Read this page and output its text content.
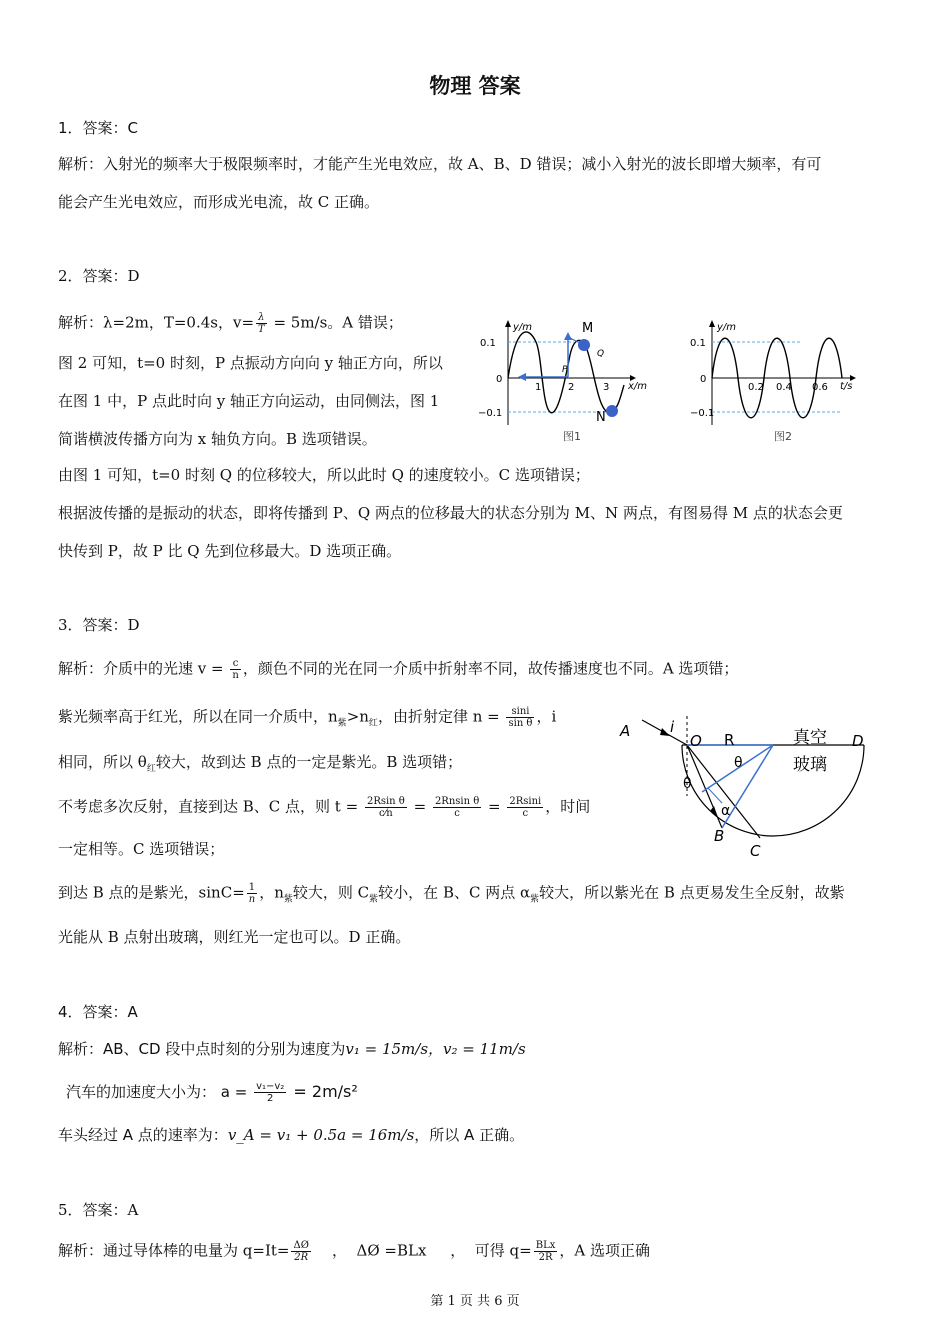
物理 答案
1．答案：C
解析：入射光的频率大于极限频率时，才能产生光电效应，故 A、B、D 错误；减小入射光的波长即增大频率，有可
能会产生光电效应，而形成光电流，故 C 正确。
2．答案：D
解析：λ=2m，T=0.4s，$v= \frac{\lambda}{T} = 5m/s$。A 错误；
图 2 可知，t=0 时刻，P 点振动方向向 y 轴正方向，所以
在图 1 中，P 点此时向 y 轴正方向运动，由同侧法，图 1
简谐横波传播方向为 x 轴负方向。B 选项错误。
由图 1 可知，t=0 时刻 Q 的位移较大，所以此时 Q 的速度较小。C 选项错误；
根据波传播的是振动的状态，即将传播到 P、Q 两点的位移最大的状态分别为 M、N 两点，有图易得 M 点的状态会更
快传到 P，故 P 比 Q 先到位移最大。D 选项正确。
y/m
0.1
0
−0.1
1	2	3 x/m
M
N
P
Q
图1
y/m
0.1
0
−0.1
0.2 0.4 0.6 t/s
图2
3．答案：D
解析：介质中的光速 $v = \frac{c}{n}$ ，颜色不同的光在同一介质中折射率不同，故传播速度也不同。A 选项错；
紫光频率高于红光，所以在同一介质中，$n_紫>n_红$，由折射定律 $n = \frac{\sin i}{\text{sin θ}}$ ，i
相同，所以 $\theta_红$较大，故到达 B 点的一定是紫光。B 选项错；
不考虑多次反射，直接到达 B、C 点，则 $t = \frac{\text{2Rsin θ}}{c⁄n} = \frac{\text{2Rnsin θ}}{c} = \frac{2Rsini}{c}$ ，时间
一定相等。C 选项错误；
到达 B 点的是紫光，$\sin C= \frac{1}{n}$ ，$n_紫$较大，则 $C_紫$较小，在 B、C 两点 $\alpha_紫$较大，所以紫光在 B 点更易发生全反射，故紫
光能从 B 点射出玻璃，则红光一定也可以。D 正确。
A	i
O R	真空 D
θ	玻璃
θ
α
B
C
4．答案：A
解析：AB、CD 段中点时刻的分别为速度为v₁ = 15m/s，v₂ = 11m/s
汽车的加速度大小为： $a = \frac{\text{v₁−v₂}}{2} = 2m/s^2$
车头经过 A 点的速率为：v_A = v₁ + 0.5a = 16m/s，所以 A 正确。
5．答案：A
解析：通过导体棒的电量为 $q=It= \frac{\Delta Ø}{2R}$ ，  ΔØ =BLx     ，  可得 $q= \frac{\text{BLx}}{2R}$ ，A 选项正确
第 1 页 共 6 页
